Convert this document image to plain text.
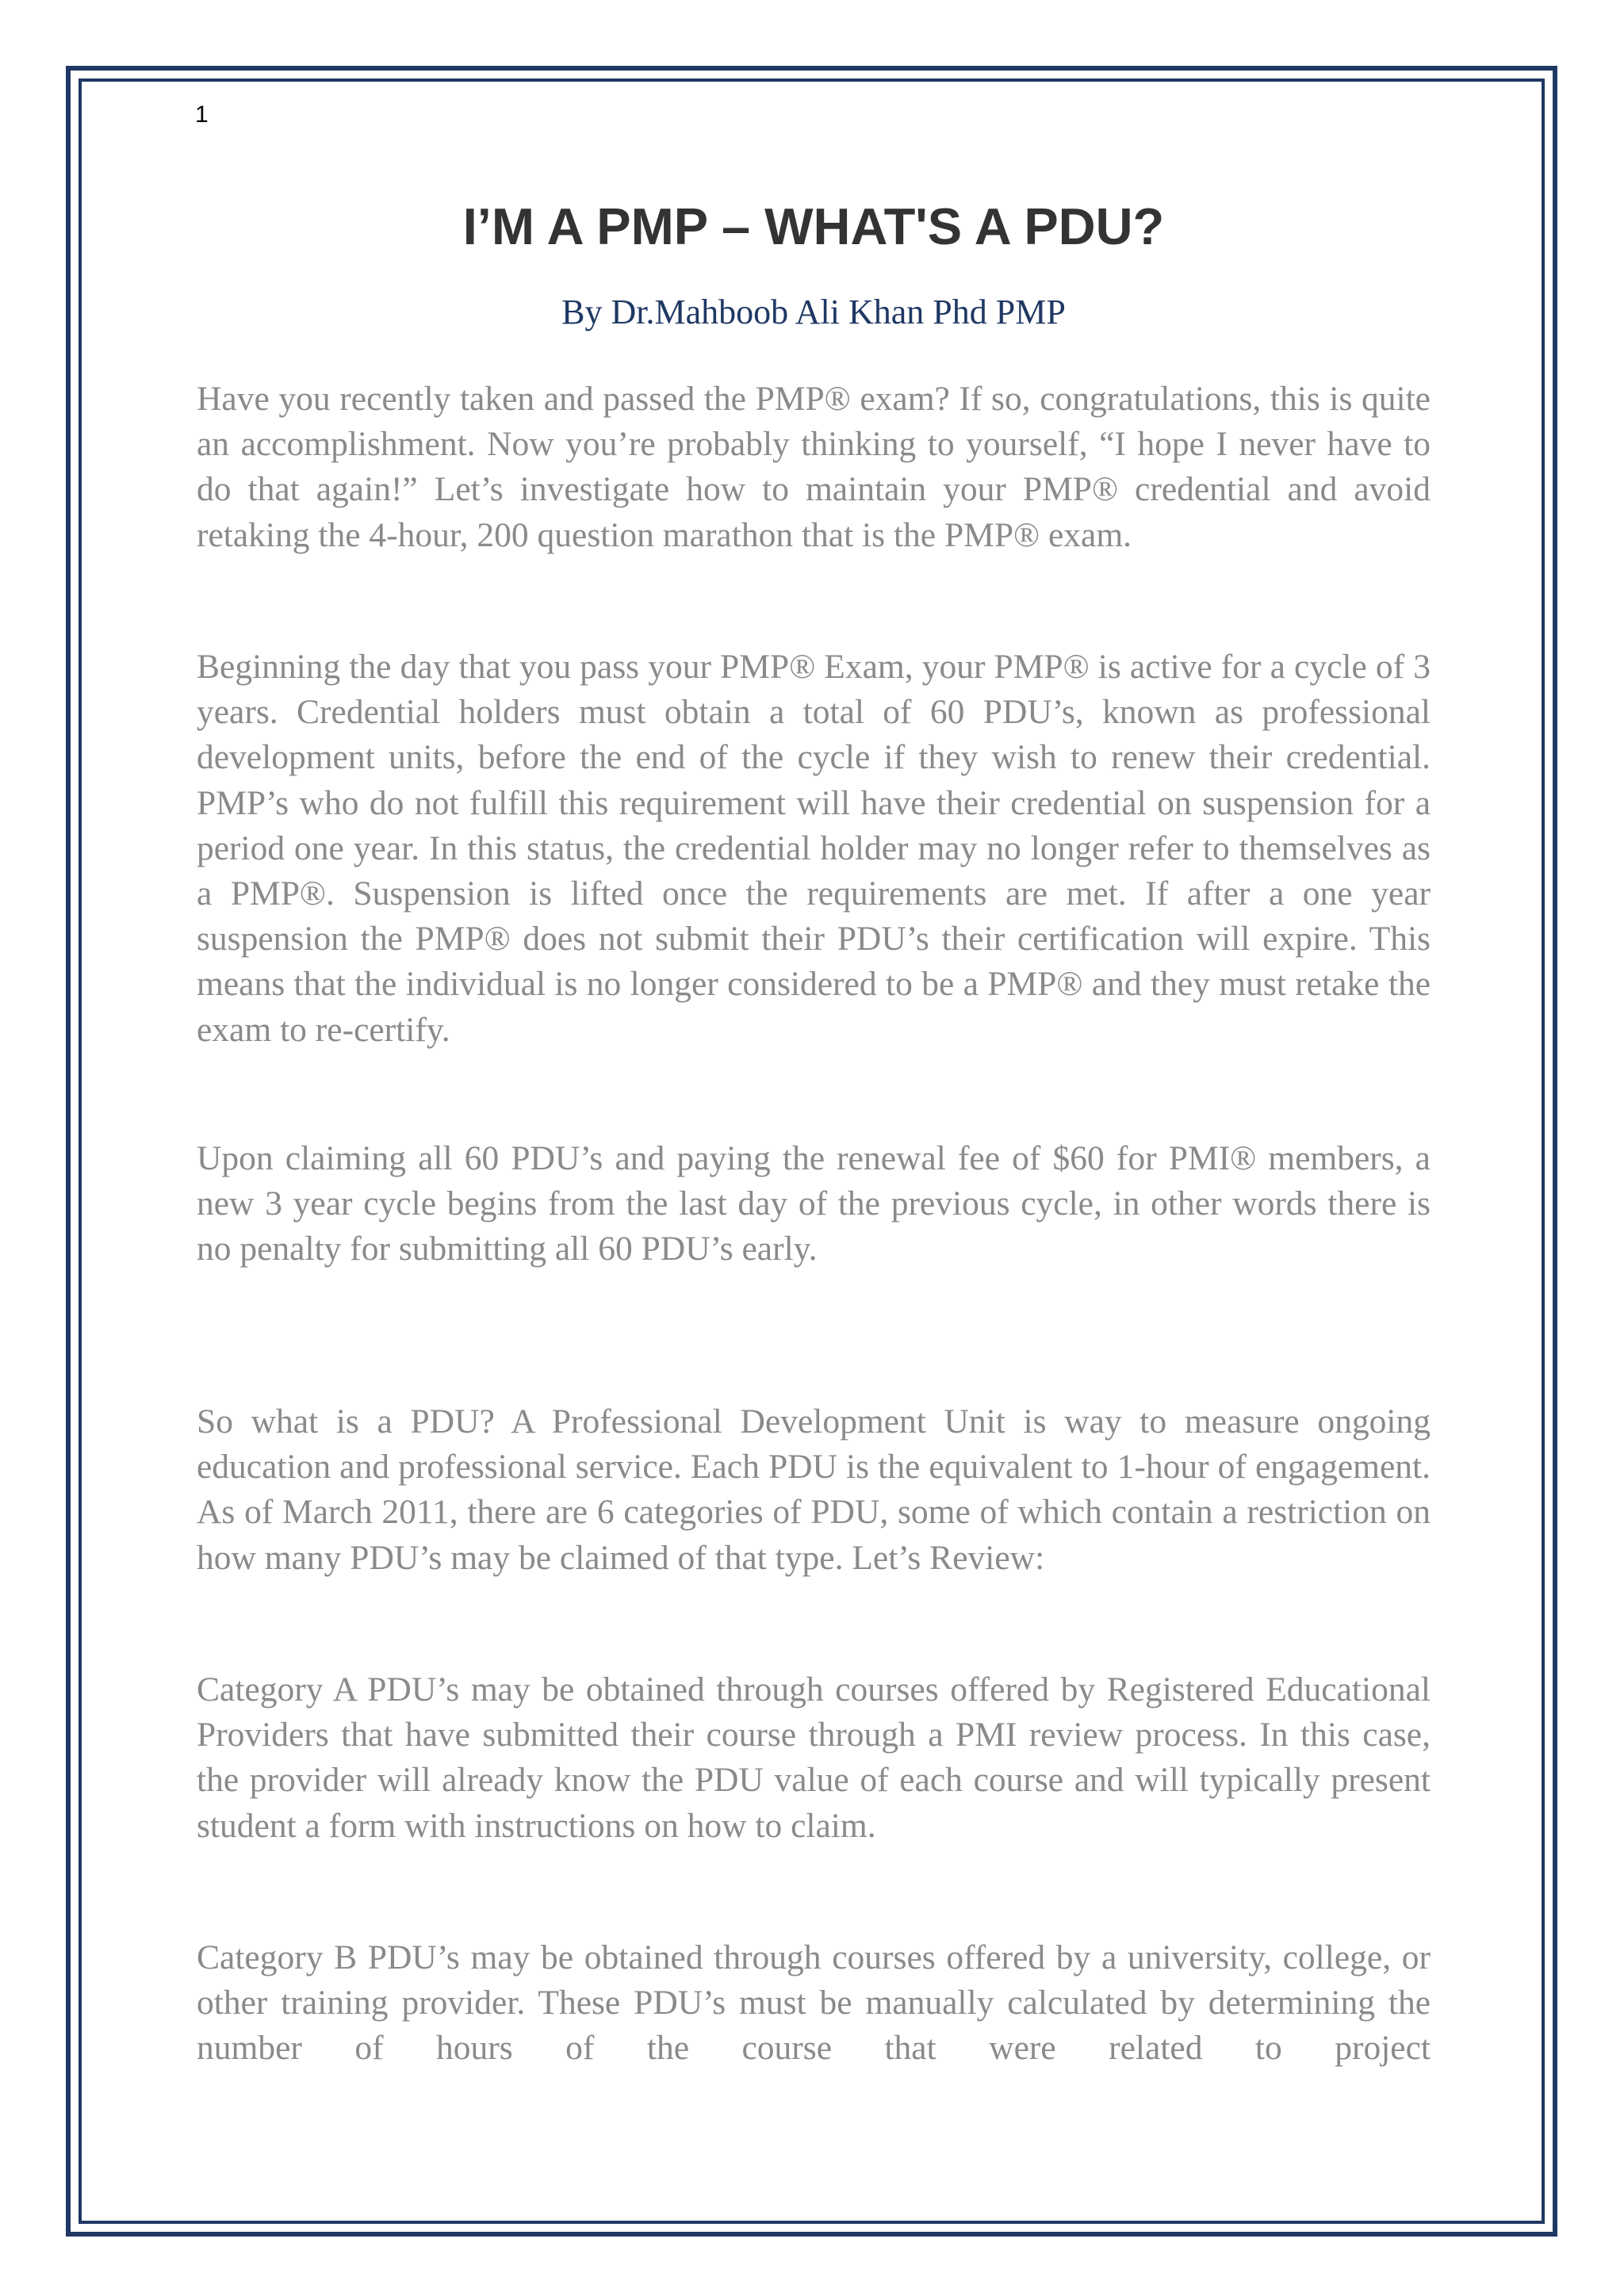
1
I’M A PMP – WHAT'S A PDU?
By Dr.Mahboob Ali Khan Phd PMP

Have you recently taken and passed the PMP® exam? If so, congratulations, this is quite an accomplishment. Now you’re probably thinking to yourself, “I hope I never have to do that again!” Let’s investigate how to maintain your PMP® credential and avoid retaking the 4-hour, 200 question marathon that is the PMP® exam.

Beginning the day that you pass your PMP® Exam, your PMP® is active for a cycle of 3 years. Credential holders must obtain a total of 60 PDU’s, known as professional development units, before the end of the cycle if they wish to renew their credential. PMP’s who do not fulfill this requirement will have their credential on suspension for a period one year. In this status, the credential holder may no longer refer to themselves as a PMP®. Suspension is lifted once the requirements are met. If after a one year suspension the PMP® does not submit their PDU’s their certification will expire. This means that the individual is no longer considered to be a PMP® and they must retake the exam to re-certify.

Upon claiming all 60 PDU’s and paying the renewal fee of $60 for PMI® members, a new 3 year cycle begins from the last day of the previous cycle, in other words there is no penalty for submitting all 60 PDU’s early.

So what is a PDU? A Professional Development Unit is way to measure ongoing education and professional service. Each PDU is the equivalent to 1-hour of engagement. As of March 2011, there are 6 categories of PDU, some of which contain a restriction on how many PDU’s may be claimed of that type. Let’s Review:

Category A PDU’s may be obtained through courses offered by Registered Educational Providers that have submitted their course through a PMI review process. In this case, the provider will already know the PDU value of each course and will typically present student a form with instructions on how to claim.

Category B PDU’s may be obtained through courses offered by a university, college, or other training provider. These PDU’s must be manually calculated by determining the number of hours of the course that were related to project
